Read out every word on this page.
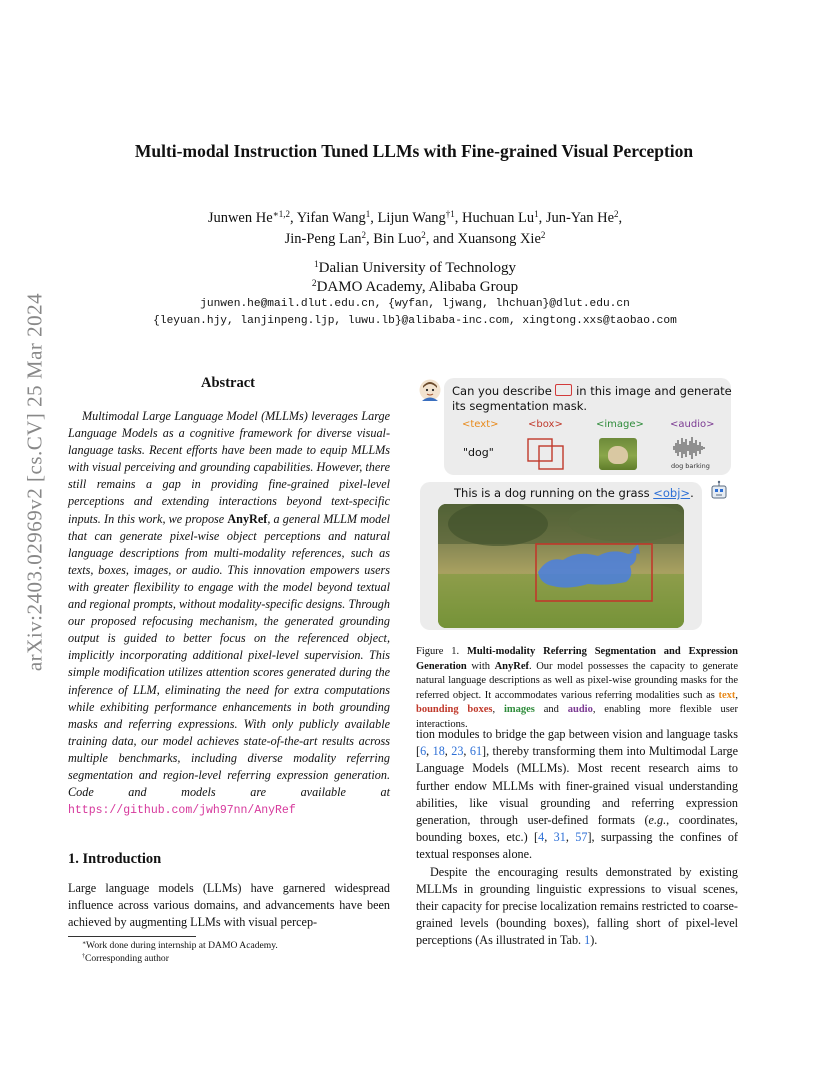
arXiv:2403.02969v2 [cs.CV] 25 Mar 2024
Multi-modal Instruction Tuned LLMs with Fine-grained Visual Perception
Junwen $He^{∗1,2}$, Yifan Wang$^1$, Lijun Wang$^{\dagger 1}$, Huchuan Lu$^1$, Jun-Yan He$^2$,
Jin-Peng Lan$^2$, Bin Luo$^2$, and Xuansong Xie$^2$
$^1$Dalian University of Technology
$^2$DAMO Academy, Alibaba Group
junwen.he@mail.dlut.edu.cn, {wyfan, ljwang, lhchuan}@dlut.edu.cn
{leyuan.hjy, lanjinpeng.ljp, luwu.lb}@alibaba-inc.com, xingtong.xxs@taobao.com
Abstract
Multimodal Large Language Model (MLLMs) leverages Large Language Models as a cognitive framework for diverse visual-language tasks. Recent efforts have been made to equip MLLMs with visual perceiving and grounding capabilities. However, there still remains a gap in providing fine-grained pixel-level perceptions and extending interactions beyond text-specific inputs. In this work, we propose AnyRef, a general MLLM model that can generate pixel-wise object perceptions and natural language descriptions from multi-modality references, such as texts, boxes, images, or audio. This innovation empowers users with greater flexibility to engage with the model beyond textual and regional prompts, without modality-specific designs. Through our proposed refocusing mechanism, the generated grounding output is guided to better focus on the referenced object, implicitly incorporating additional pixel-level supervision. This simple modification utilizes attention scores generated during the inference of LLM, eliminating the need for extra computations while exhibiting performance enhancements in both grounding masks and referring expressions. With only publicly available training data, our model achieves state-of-the-art results across multiple benchmarks, including diverse modality referring segmentation and region-level referring expression generation. Code and models are available at https://github.com/jwh97nn/AnyRef
1. Introduction
Large language models (LLMs) have garnered widespread influence across various domains, and advancements have been achieved by augmenting LLMs with visual percep-
∗Work done during internship at DAMO Academy.
†Corresponding author
Can you describe in this image and generate its segmentation mask.
<text>	<box>	<image>	<audio>
"dog"
dog barking
This is a dog running on the grass <obj>.
Figure 1. Multi-modality Referring Segmentation and Expression Generation with AnyRef. Our model possesses the capacity to generate natural language descriptions as well as pixel-wise grounding masks for the referred object. It accommodates various referring modalities such as text, bounding boxes, images and audio, enabling more flexible user interactions.

tion modules to bridge the gap between vision and language tasks [6, 18, 23, 61], thereby transforming them into Multimodal Large Language Models (MLLMs). Most recent research aims to further endow MLLMs with finer-grained visual understanding abilities, like visual grounding and referring expression generation, through user-defined formats (e.g., coordinates, bounding boxes, etc.) [4, 31, 57], surpassing the confines of textual responses alone.

Despite the encouraging results demonstrated by existing MLLMs in grounding linguistic expressions to visual scenes, their capacity for precise localization remains restricted to coarse-grained levels (bounding boxes), falling short of pixel-level perceptions (As illustrated in Tab. 1).
